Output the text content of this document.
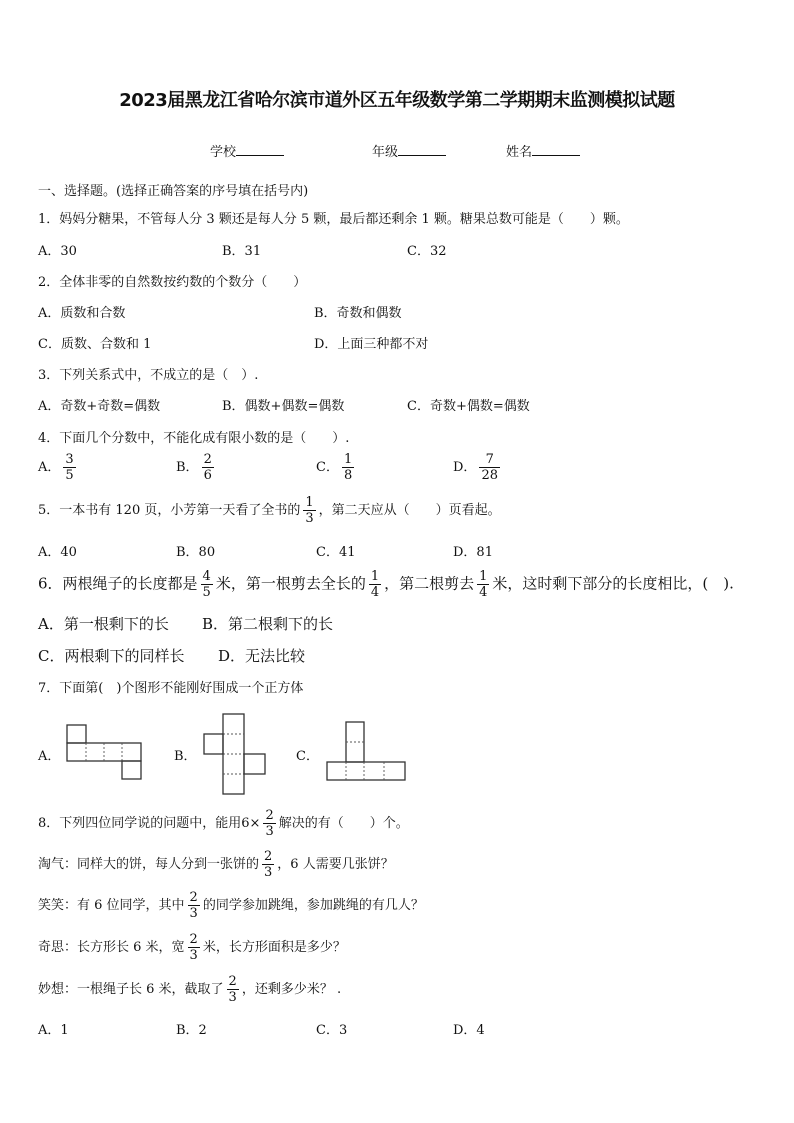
2023届黑龙江省哈尔滨市道外区五年级数学第二学期期末监测模拟试题
学校	年级	姓名
一、选择题。(选择正确答案的序号填在括号内)
1．妈妈分糖果，不管每人分 3 颗还是每人分 5 颗，最后都还剩余 1 颗。糖果总数可能是（　　）颗。
A．30	B．31	C．32
2．全体非零的自然数按约数的个数分（　　）
A．质数和合数	B．奇数和偶数
C．质数、合数和 1	D．上面三种都不对
3．下列关系式中，不成立的是（　）.
A．奇数+奇数=偶数	B．偶数+偶数=偶数	C．奇数+偶数=偶数
4．下面几个分数中，不能化成有限小数的是（　　）.
A． $\frac{3}{5}$	B． $\frac{2}{6}$	C． $\frac{1}{8}$	D． $\frac{7}{28}$
5．一本书有 120 页，小芳第一天看了全书的 $\frac{1}{3}$ ，第二天应从（　　）页看起。
A．40	B．80	C．41	D．81
6．两根绳子的长度都是 $\frac{4}{5}$ 米，第一根剪去全长的 $\frac{1}{4}$ ，第二根剪去 $\frac{1}{4}$ 米，这时剩下部分的长度相比，(　).
A．第一根剩下的长 B．第二根剩下的长
C．两根剩下的同样长 D．无法比较
7．下面第(　)个图形不能刚好围成一个正方体
A．	B．	C．
8．下列四位同学说的问题中，能用$6\times \frac{2}{3}$ 解决的有（　　）个。
淘气：同样大的饼，每人分到一张饼的 $\frac{2}{3}$ ，6 人需要几张饼？
笑笑：有 6 位同学，其中 $\frac{2}{3}$ 的同学参加跳绳，参加跳绳的有几人？
奇思：长方形长 6 米，宽 $\frac{2}{3}$ 米，长方形面积是多少？
妙想：一根绳子长 6 米，截取了 $\frac{2}{3}$ ，还剩多少米？ .
A．1	B．2	C．3	D．4
